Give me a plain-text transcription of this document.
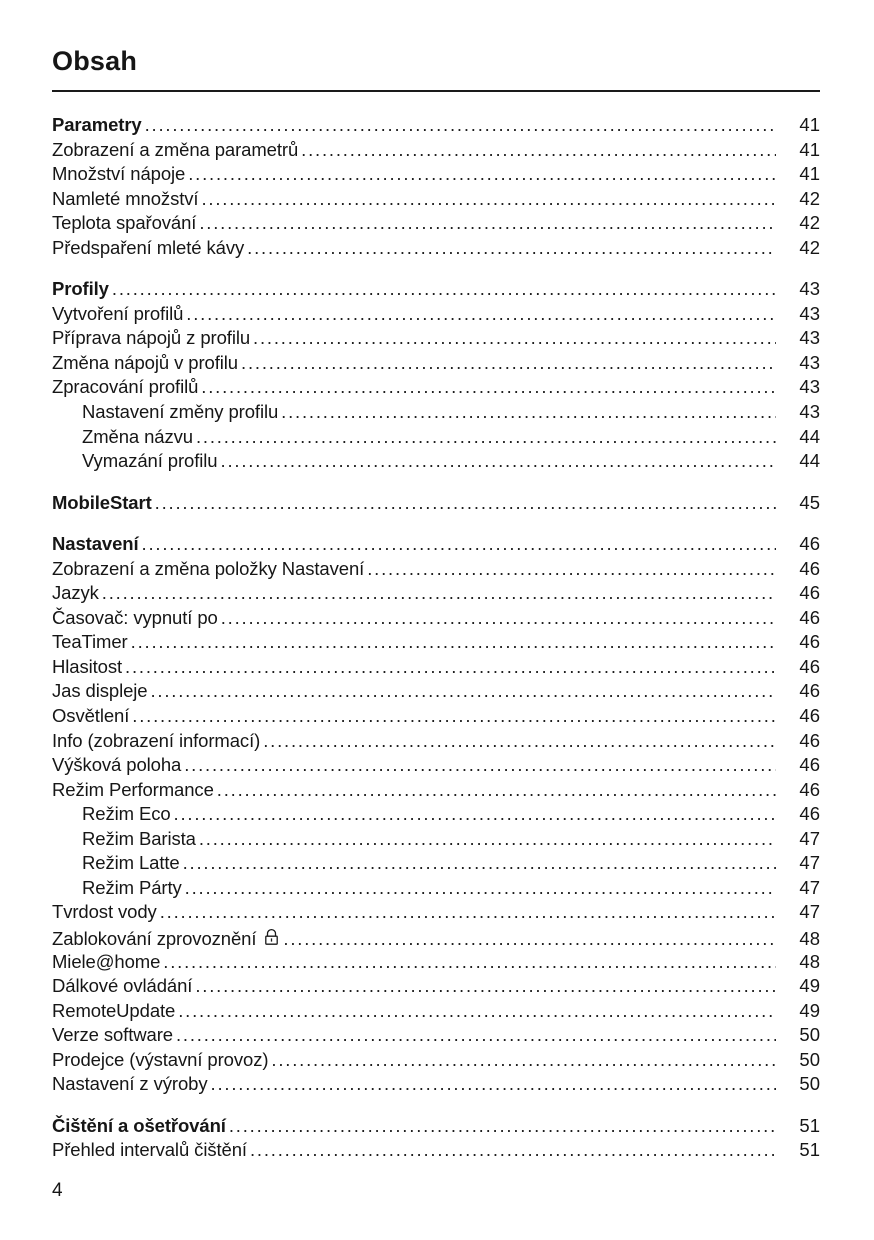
Obsah
Parametry .....	41
Zobrazení a změna parametrů .....	41
Množství nápoje .....	41
Namleté množství .....	42
Teplota spařování .....	42
Předspaření mleté kávy .....	42
Profily .....	43
Vytvoření profilů .....	43
Příprava nápojů z profilu .....	43
Změna nápojů v profilu .....	43
Zpracování profilů .....	43
Nastavení změny profilu .....	43
Změna názvu .....	44
Vymazání profilu .....	44
MobileStart .....	45
Nastavení .....	46
Zobrazení a změna položky Nastavení .....	46
Jazyk .....	46
Časovač: vypnutí po .....	46
TeaTimer .....	46
Hlasitost .....	46
Jas displeje .....	46
Osvětlení .....	46
Info (zobrazení informací) .....	46
Výšková poloha .....	46
Režim Performance .....	46
Režim Eco .....	46
Režim Barista .....	47
Režim Latte .....	47
Režim Párty .....	47
Tvrdost vody .....	47
Zablokování zprovoznění .....	48
Miele@home .....	48
Dálkové ovládání .....	49
RemoteUpdate .....	49
Verze software .....	50
Prodejce (výstavní provoz) .....	50
Nastavení z výroby .....	50
Čištění a ošetřování .....	51
Přehled intervalů čištění .....	51
4
